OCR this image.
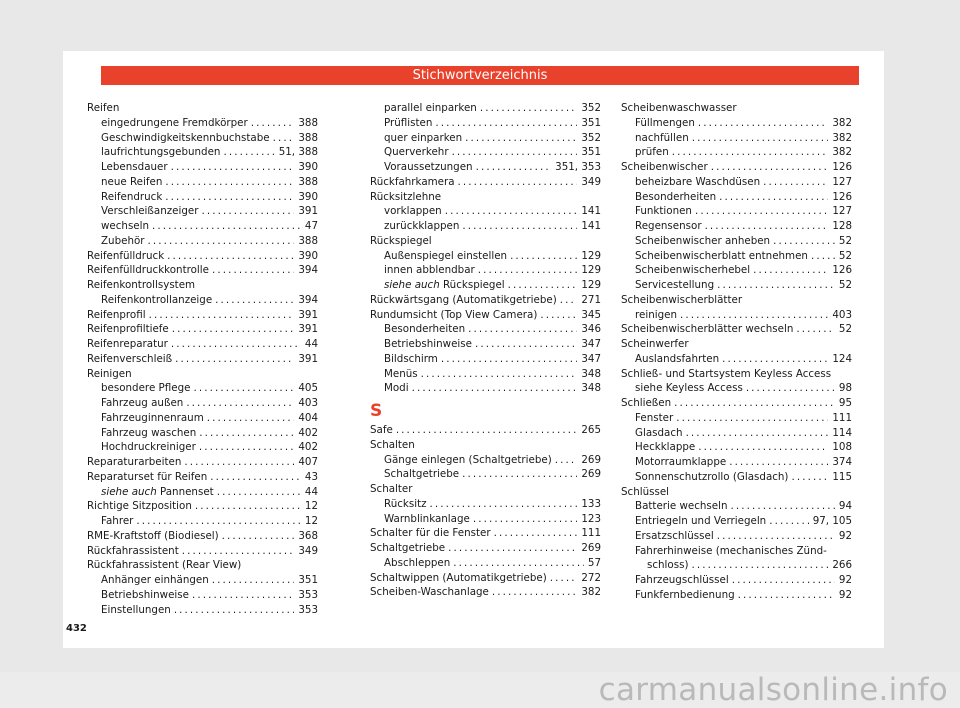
Stichwortverzeichnis
Reifen
eingedrungene Fremdkörper .....	388
Geschwindigkeitskennbuchstabe .....	388
laufrichtungsgebunden .....	51, 388
Lebensdauer .....	390
neue Reifen .....	388
Reifendruck .....	390
Verschleißanzeiger .....	391
wechseln .....	47
Zubehör .....	388
Reifenfülldruck .....	390
Reifenfülldruckkontrolle .....	394
Reifenkontrollsystem
Reifenkontrollanzeige .....	394
Reifenprofil .....	391
Reifenprofiltiefe .....	391
Reifenreparatur .....	44
Reifenverschleiß .....	391
Reinigen
besondere Pflege .....	405
Fahrzeug außen .....	403
Fahrzeuginnenraum .....	404
Fahrzeug waschen .....	402
Hochdruckreiniger .....	402
Reparaturarbeiten .....	407
Reparaturset für Reifen .....	43
siehe auch Pannenset .....	44
Richtige Sitzposition .....	12
Fahrer .....	12
RME-Kraftstoff (Biodiesel) .....	368
Rückfahrassistent .....	349
Rückfahrassistent (Rear View)
Anhänger einhängen .....	351
Betriebshinweise .....	353
Einstellungen .....	353
parallel einparken .....	352
Prüflisten .....	351
quer einparken .....	352
Querverkehr .....	351
Voraussetzungen .....	351, 353
Rückfahrkamera .....	349
Rücksitzlehne
vorklappen .....	141
zurückklappen .....	141
Rückspiegel
Außenspiegel einstellen .....	129
innen abblendbar .....	129
siehe auch Rückspiegel .....	129
Rückwärtsgang (Automatikgetriebe) ..... 271
Rundumsicht (Top View Camera) .....	345
Besonderheiten .....	346
Betriebshinweise .....	347
Bildschirm .....	347
Menüs .....	348
Modi .....	348
S
Safe .....	265
Schalten
Gänge einlegen (Schaltgetriebe) .....	269
Schaltgetriebe .....	269
Schalter
Rücksitz .....	133
Warnblinkanlage .....	123
Schalter für die Fenster .....	111
Schaltgetriebe .....	269
Abschleppen .....	57
Schaltwippen (Automatikgetriebe) .....	272
Scheiben-Waschanlage .....	382
Scheibenwaschwasser
Füllmengen .....	382
nachfüllen .....	382
prüfen .....	382
Scheibenwischer .....	126
beheizbare Waschdüsen .....	127
Besonderheiten .....	126
Funktionen .....	127
Regensensor .....	128
Scheibenwischer anheben .....	52
Scheibenwischerblatt entnehmen .....	52
Scheibenwischerhebel .....	126
Servicestellung .....	52
Scheibenwischerblätter
reinigen .....	403
Scheibenwischerblätter wechseln .....	52
Scheinwerfer
Auslandsfahrten .....	124
Schließ- und Startsystem Keyless Access
siehe Keyless Access .....	98
Schließen .....	95
Fenster .....	111
Glasdach .....	114
Heckklappe .....	108
Motorraumklappe .....	374
Sonnenschutzrollo (Glasdach) .....	115
Schlüssel
Batterie wechseln .....	94
Entriegeln und Verriegeln .....	97, 105
Ersatzschlüssel .....	92
Fahrerhinweise (mechanisches Zünd-
schloss) .....	266
Fahrzeugschlüssel .....	92
Funkfernbedienung .....	92
432
carmanualsonline.info
